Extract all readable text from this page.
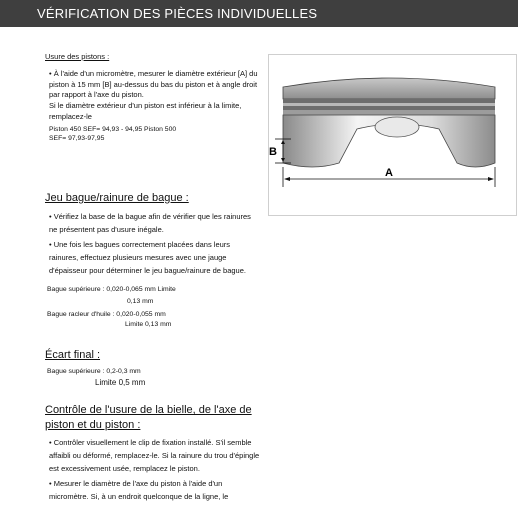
VÉRIFICATION DES PIÈCES INDIVIDUELLES
Usure des pistons :
• À l'aide d'un micromètre, mesurer le diamètre extérieur [A] du piston à 15 mm [B] au-dessus du bas du piston et à angle droit par rapport à l'axe du piston.
Si le diamètre extérieur d'un piston est inférieur à la limite, remplacez-le
Piston 450 SEF= 94,93 - 94,95 Piston 500
SEF= 97,93-97,95
Jeu bague/rainure de bague :
• Vérifiez la base de la bague afin de vérifier que les rainures ne présentent pas d'usure inégale.
• Une fois les bagues correctement placées dans leurs rainures, effectuez plusieurs mesures avec une jauge d'épaisseur pour déterminer le jeu bague/rainure de bague.
Bague supérieure : 0,020-0,065 mm Limite
0,13 mm
Bague racleur d'huile : 0,020-0,055 mm
Limite 0,13 mm
Écart final :
Bague supérieure : 0,2-0,3 mm
Limite 0,5 mm
Contrôle de l'usure de la bielle, de l'axe de
piston et du piston :
• Contrôler visuellement le clip de fixation installé. S'il semble affaibli ou déformé, remplacez-le. Si la rainure du trou d'épingle est excessivement usée, remplacez le piston.
• Mesurer le diamètre de l'axe du piston à l'aide d'un micromètre. Si, à un endroit quelconque de la ligne, le
B
A
